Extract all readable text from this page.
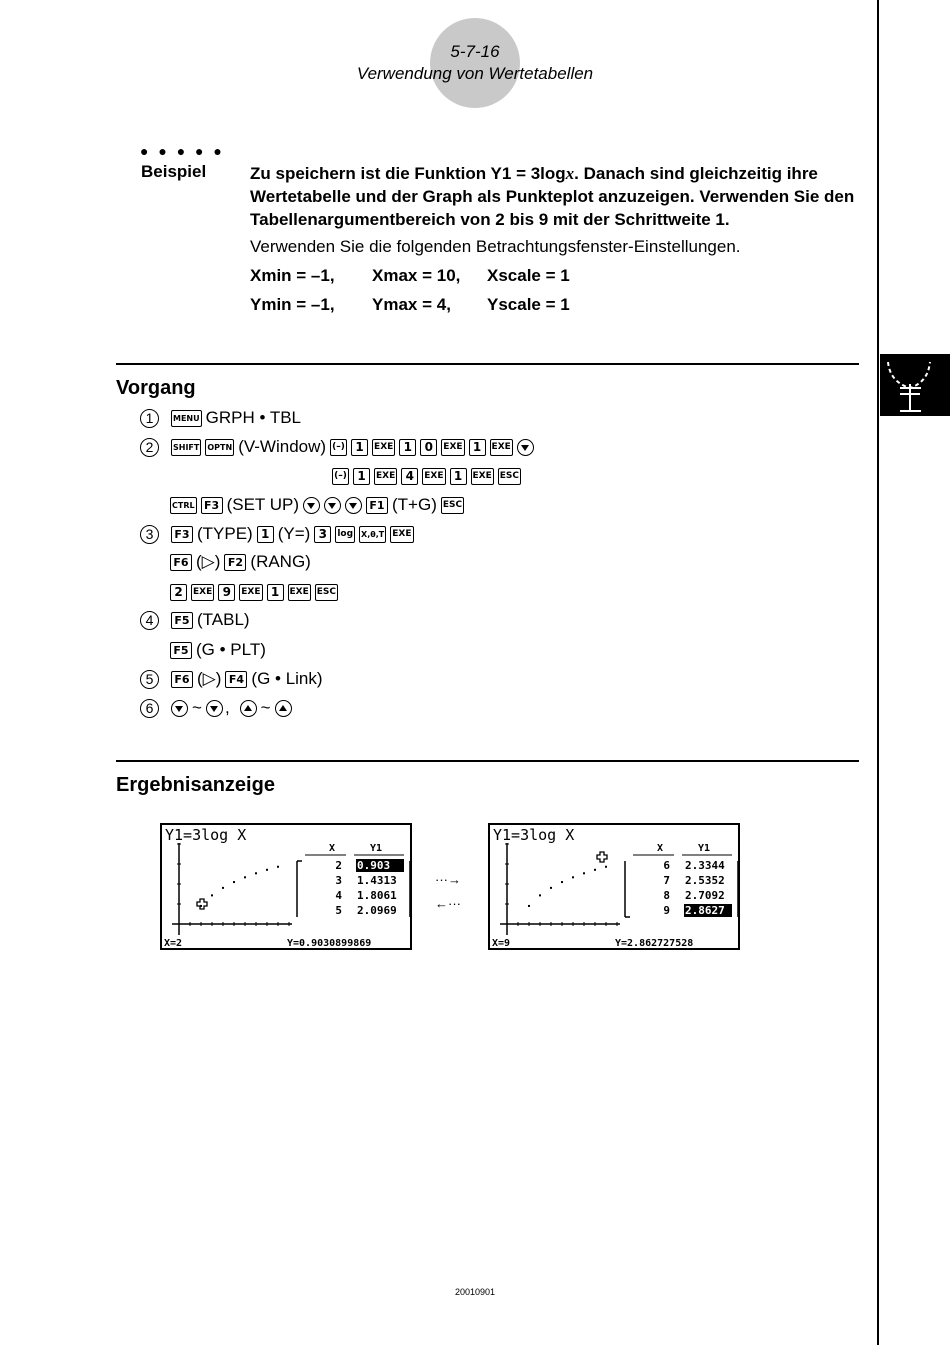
5-7-16
Verwendung von Wertetabellen
● ● ● ● ●
Beispiel	Zu speichern ist die Funktion Y1 = 3logx. Danach sind gleichzeitig ihre Wertetabelle und der Graph als Punkteplot anzuzeigen. Verwenden Sie den Tabellenargumentbereich von 2 bis 9 mit der Schrittweite 1.
Verwenden Sie die folgenden Betrachtungsfenster-Einstellungen.
Xmin = –1, Xmax = 10, Xscale = 1
Ymin = –1, Ymax = 4, Yscale = 1
Vorgang
1	MENU GRPH • TBL
2	SHIFT OPTN (V-Window) (–) 1	EXE 1	0	EXE 1	EXE
(–) 1	EXE 4	EXE 1	EXE ESC
CTRL F3 (SET UP)	F1 (T+G) ESC
3	F3 (TYPE) 1 (Y=) 3	log X,θ,T EXE
F6 (▷) F2 (RANG)
2	EXE 9	EXE 1	EXE ESC
4	F5 (TABL)
F5 (G • PLT)
5	F6 (▷) F4 (G • Link)
6	~ , ~
Ergebnisanzeige
Y1=3log X
X	Y1
2 0.903
3 1.4313
4 1.8061
5 2.0969
X=2	Y=0.9030899869
···→
←···
Y1=3log X
X	Y1
6 2.3344
7 2.5352
8 2.7092
9 2.8627
X=9	Y=2.862727528
20010901
